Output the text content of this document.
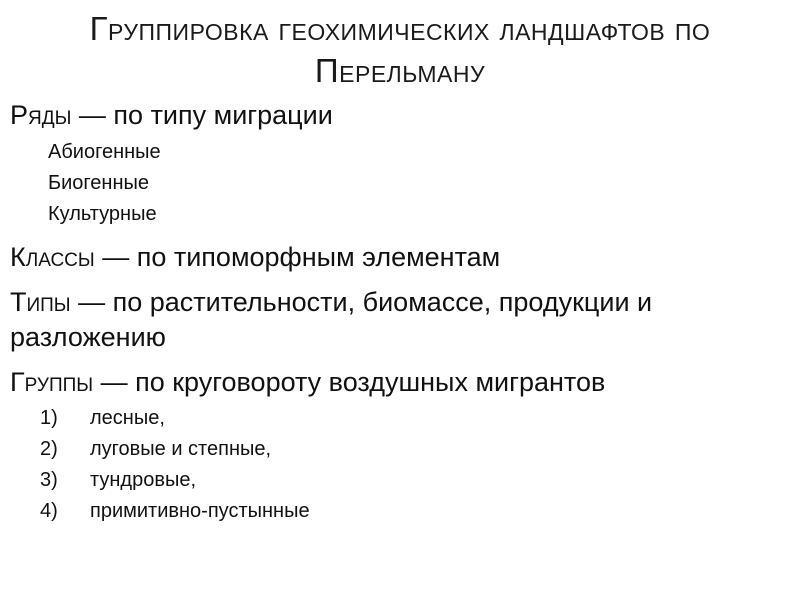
Группировка геохимических ландшафтов по Перельману

Ряды — по типу миграции

Абиогенные
Биогенные
Культурные

Классы — по типоморфным элементам

Типы — по растительности, биомассе, продукции и разложению

Группы — по круговороту воздушных мигрантов

1)	лесные,
2)	луговые и степные,
3)	тундровые,
4)	примитивно-пустынные
